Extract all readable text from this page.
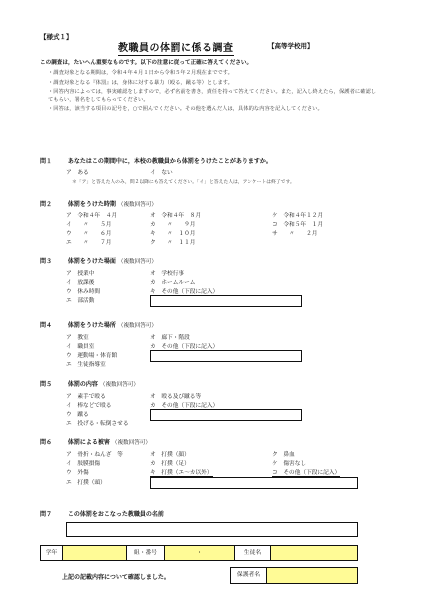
【様式１】
教職員の体罰に係る調査	【高等学校用】
この調査は，たいへん重要なものです。以下の注意に従って正確に答えてください。
・調査対象となる期間は，令和４年４月１日から令和５年２月現在までです。
・調査対象となる『体罰』は，身体に対する暴力（殴る，蹴る等）とします。
・回答内容によっては，事実確認をしますので，必ず名前を書き，責任を持って答えてください。また，記入し終えたら，保護者に確認してもらい，署名をしてもらってください。
・回答は，該当する項目の記号を，○で囲んでください。その他を選んだ人は，具体的な内容を記入してください。
問１	あなたはこの期間中に，本校の教職員から体罰をうけたことがありますか。
ア　ある	イ　ない
＊「ア」と答えた人のみ，問２以降にも答えてください。「イ」と答えた人は，アンケートは終了です。
問２	体罰をうけた時期 （複数回答可）
ア　令和４年　４月	オ　令和４年　８月	ケ　令和４年１２月
イ　　〃　　５月	カ　　〃　　９月	コ　令和５年　１月
ウ　　〃　　６月	キ　　〃　１０月	サ　　〃　　２月
エ　　〃　　７月	ク　　〃　１１月
問３	体罰をうけた場面 （複数回答可）
ア　授業中	オ　学校行事
イ　放課後	カ　ホームルーム
ウ　休み時間	キ　その他（下段に記入）
エ　部活動
問４	体罰をうけた場所 （複数回答可）
ア　教室	オ　廊下・階段
イ　職員室	カ　その他（下段に記入）
ウ　運動場・体育館
エ　生徒指導室
問５	体罰の内容 （複数回答可）
ア　素手で殴る	オ　殴る及び蹴る等
イ　棒などで殴る	カ　その他（下段に記入）
ウ　蹴る
エ　投げる・転倒させる
問６	体罰による被害 （複数回答可）
ア　骨折・ねんざ　等	オ　打撲（顔）	ク　鼻血
イ　肢膜損傷	カ　打撲（足）	ケ　傷害なし
ウ　外傷	キ　打撲（エ～カ以外）	コ　その他（下段に記入）
エ　打撲（頭）
問７	この体罰をおこなった教職員の名前
学年	組・番号	・	生徒名
上記の記載内容について確認しました。	保護者名
